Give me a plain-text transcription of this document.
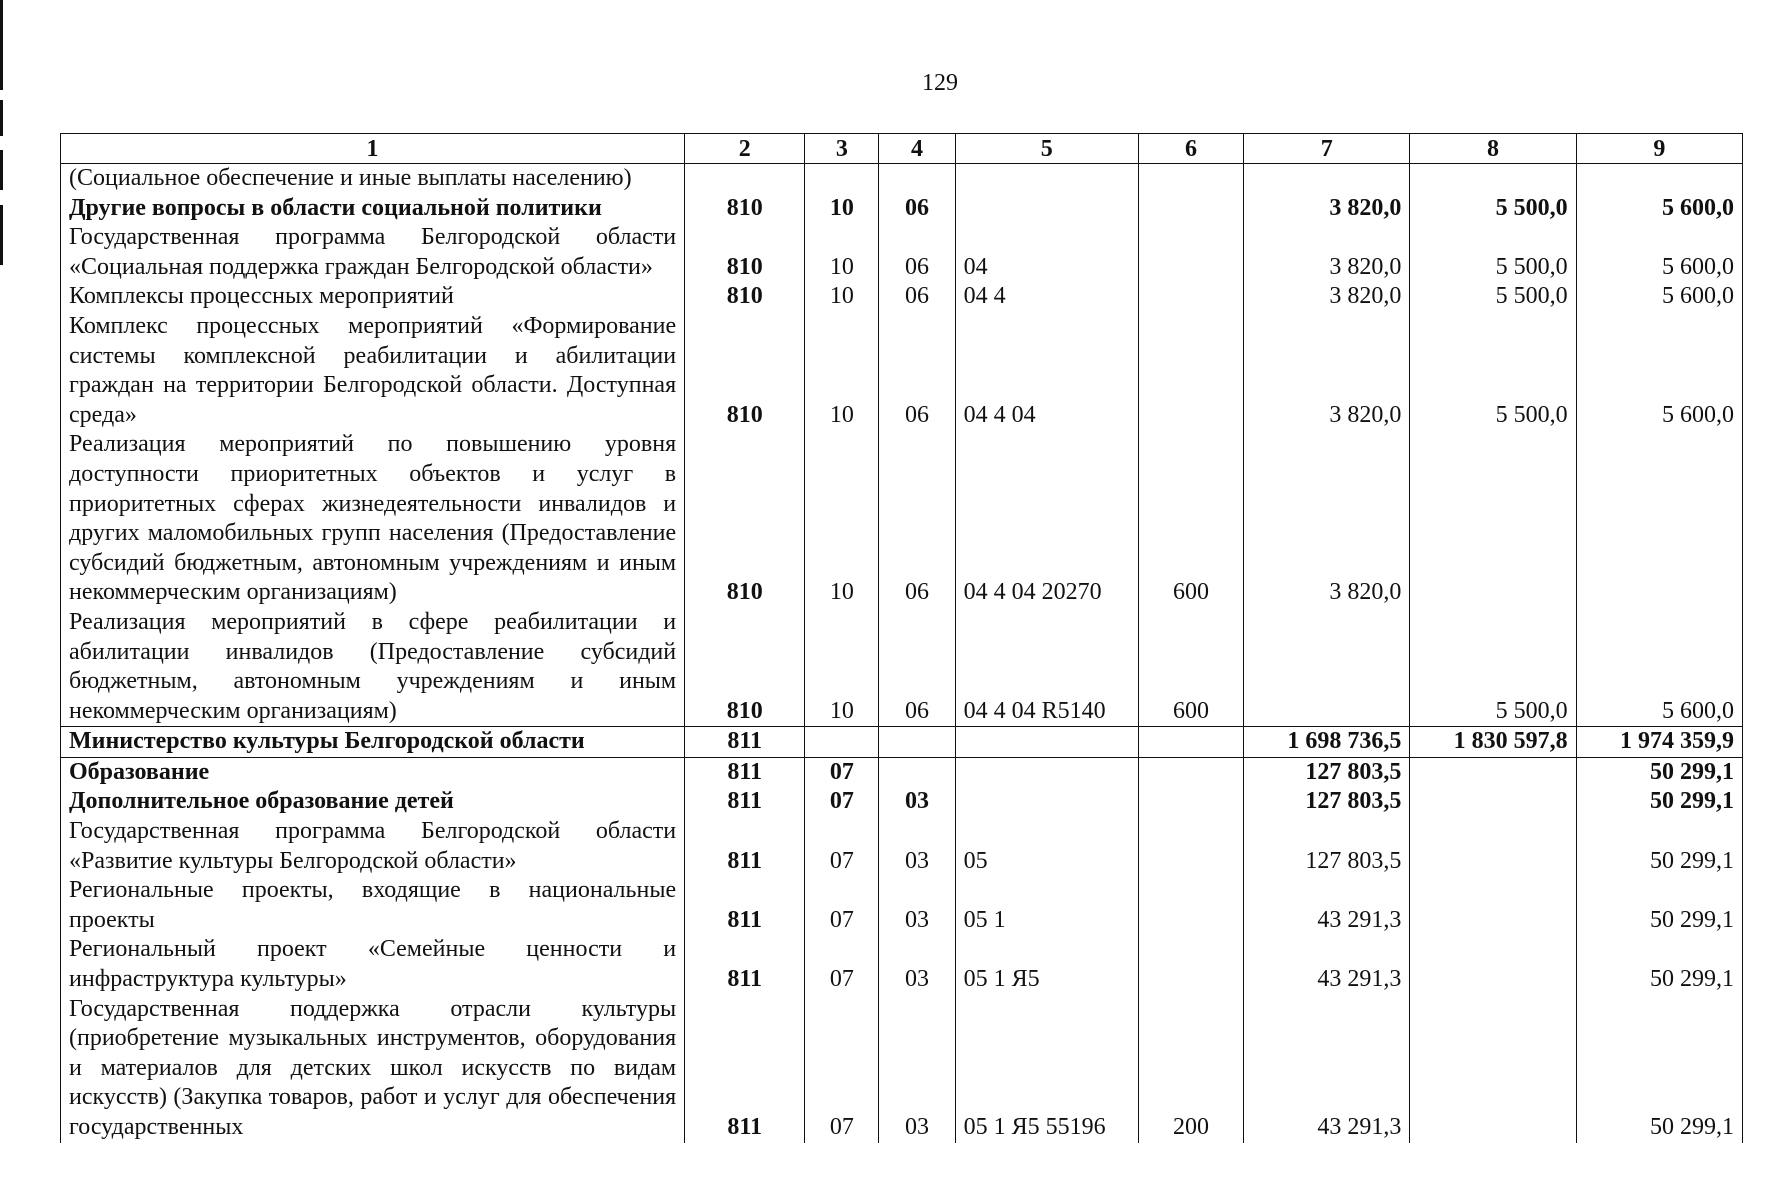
129
1	2	3	4	5	6	7	8	9
(Социальное обеспечение и иные выплаты населению)								
Другие вопросы в области социальной политики	810	10	06			3 820,0	5 500,0	5 600,0
Государственная программа Белгородской области «Социальная поддержка граждан Белгородской области»	810	10	06	04		3 820,0	5 500,0	5 600,0
Комплексы процессных мероприятий	810	10	06	04 4		3 820,0	5 500,0	5 600,0
Комплекс процессных мероприятий «Формирование системы комплексной реабилитации и абилитации граждан на территории Белгородской области. Доступная среда»	810	10	06	04 4 04		3 820,0	5 500,0	5 600,0
Реализация мероприятий по повышению уровня доступности приоритетных объектов и услуг в приоритетных сферах жизнедеятельности инвалидов и других маломобильных групп населения (Предоставление субсидий бюджетным, автономным учреждениям и иным некоммерческим организациям)	810	10	06	04 4 04 20270	600	3 820,0		
Реализация мероприятий в сфере реабилитации и абилитации инвалидов (Предоставление субсидий бюджетным, автономным учреждениям и иным некоммерческим организациям)	810	10	06	04 4 04 R5140	600		5 500,0	5 600,0
Министерство культуры Белгородской области	811					1 698 736,5	1 830 597,8	1 974 359,9
Образование	811	07				127 803,5		50 299,1
Дополнительное образование детей	811	07	03			127 803,5		50 299,1
Государственная программа Белгородской области «Развитие культуры Белгородской области»	811	07	03	05		127 803,5		50 299,1
Региональные проекты, входящие в национальные проекты	811	07	03	05 1		43 291,3		50 299,1
Региональный проект «Семейные ценности и инфраструктура культуры»	811	07	03	05 1 Я5		43 291,3		50 299,1
Государственная поддержка отрасли культуры (приобретение музыкальных инструментов, оборудования и материалов для детских школ искусств по видам искусств) (Закупка товаров, работ и услуг для обеспечения государственных	811	07	03	05 1 Я5 55196	200	43 291,3		50 299,1
